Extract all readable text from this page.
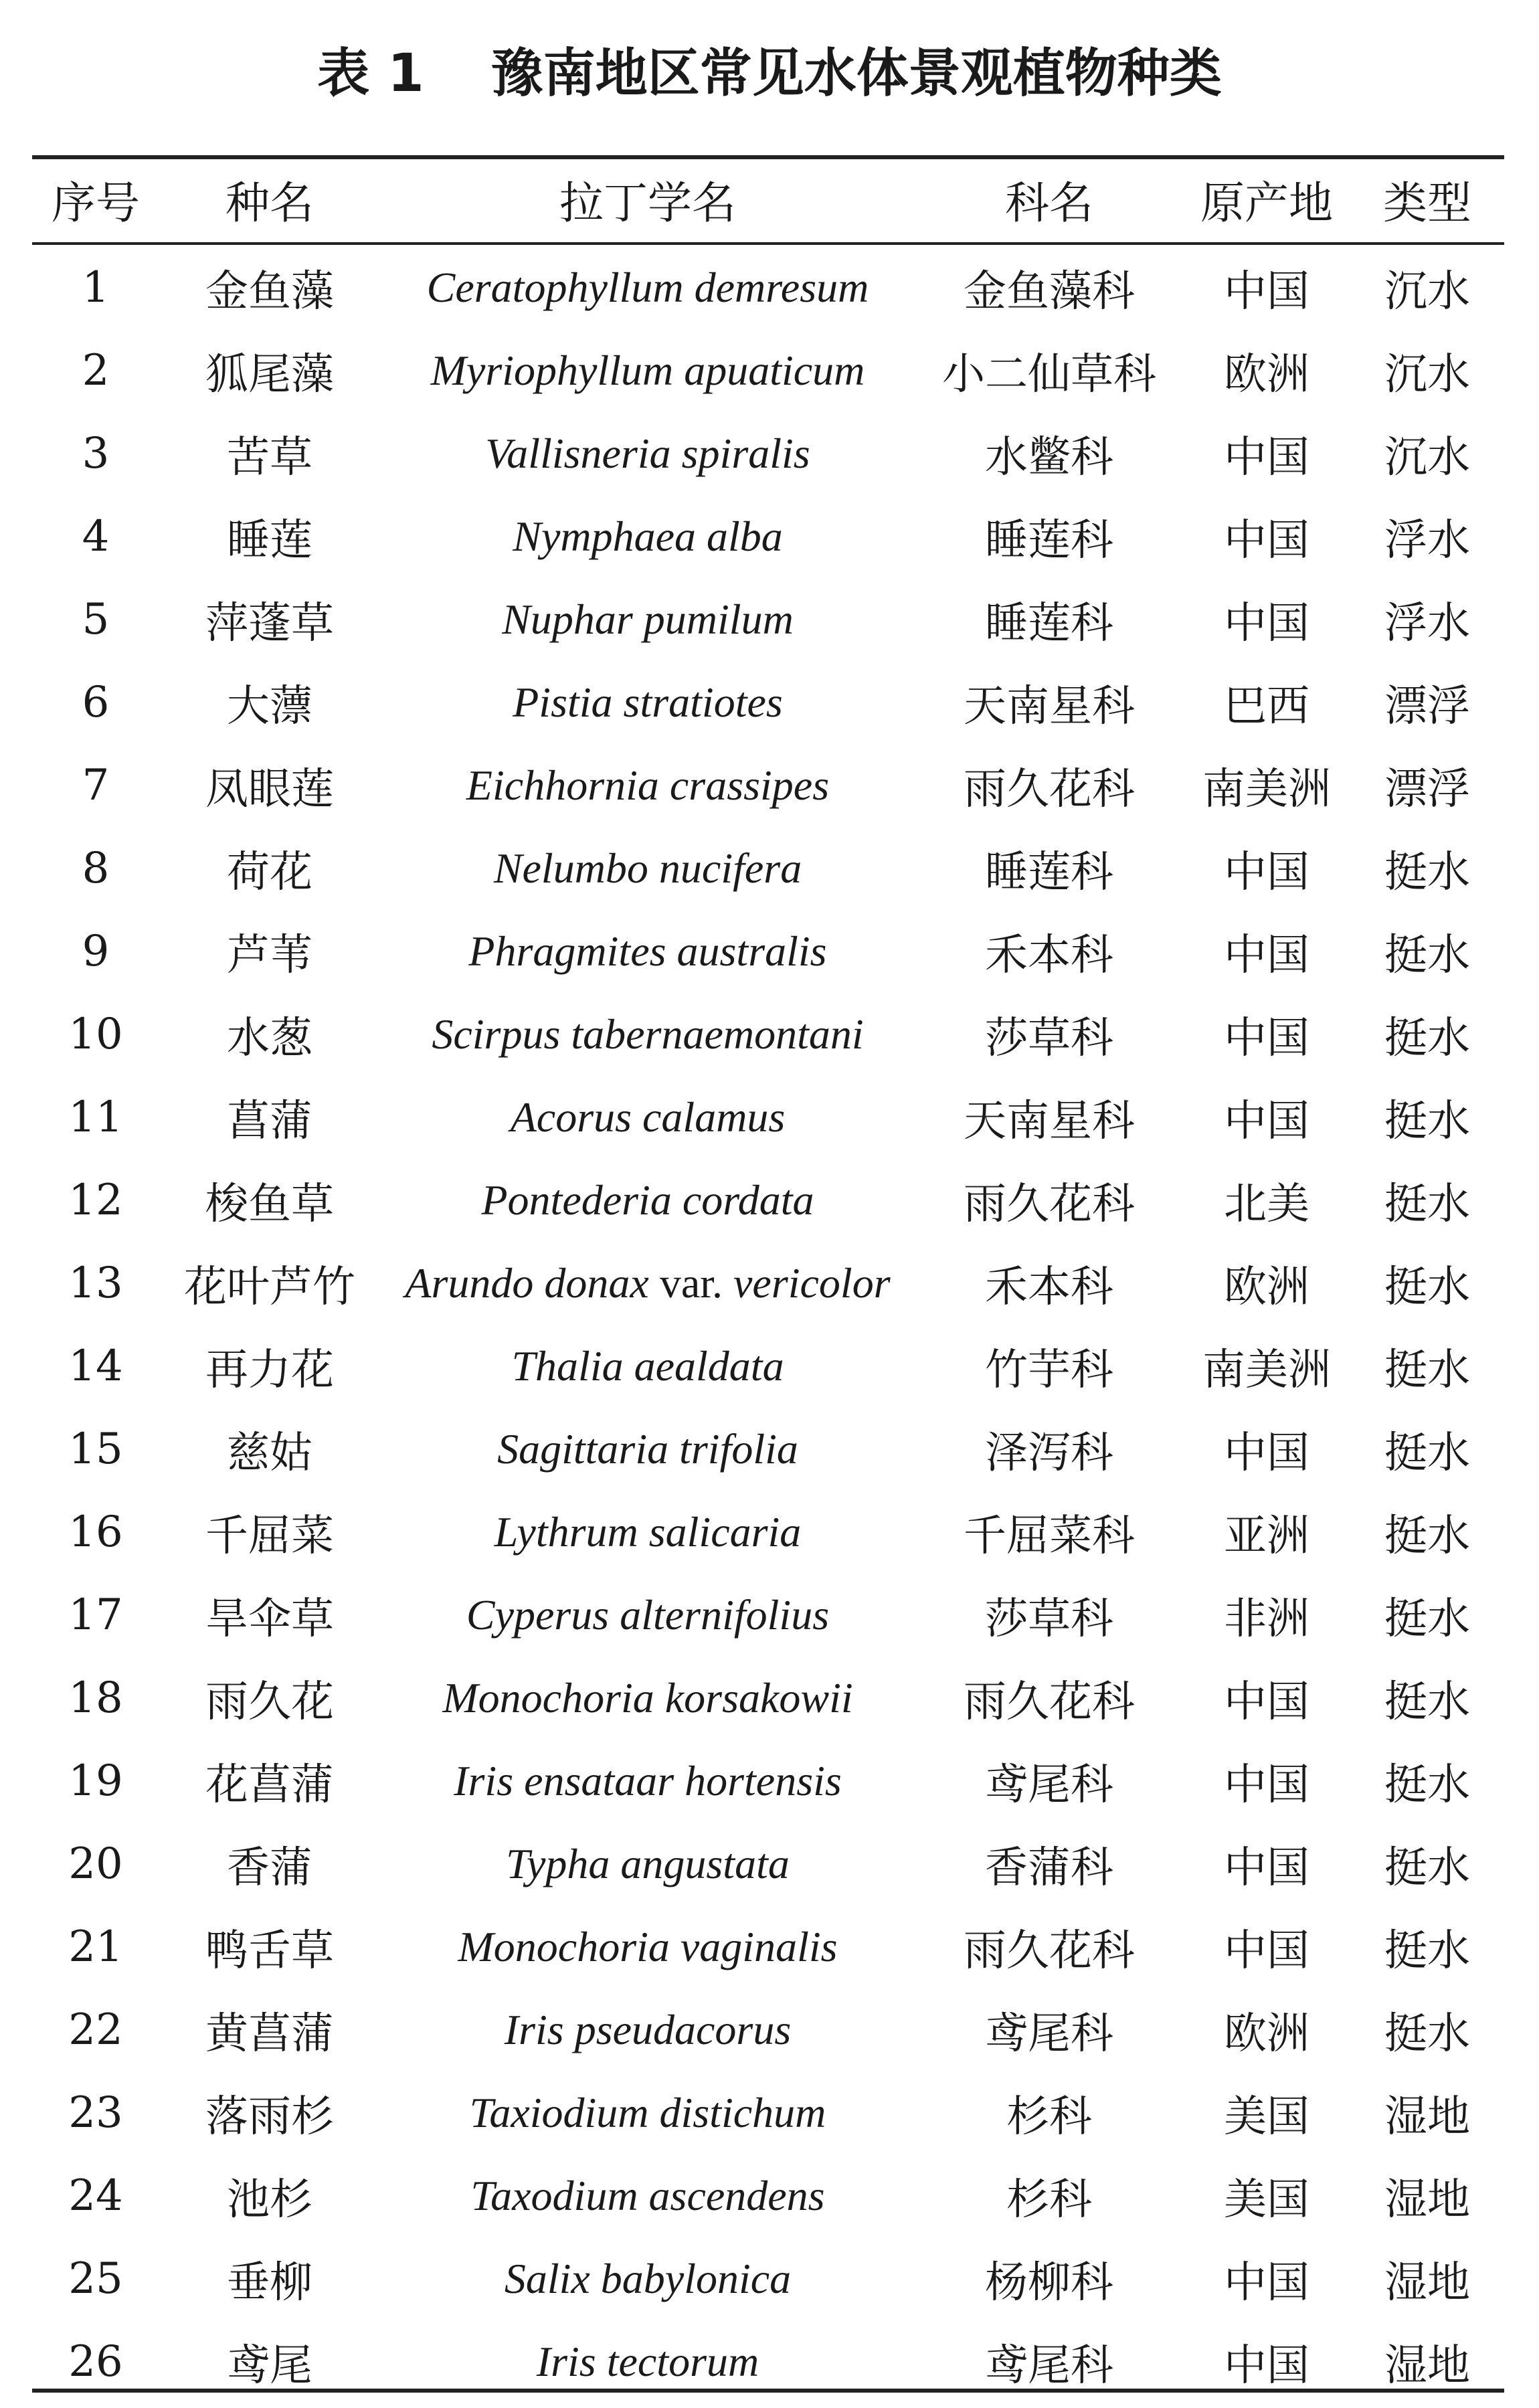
表 1 豫南地区常见水体景观植物种类
序号	种名	拉丁学名	科名	原产地	类型
1	金鱼藻	Ceratophyllum demresum	金鱼藻科	中国	沉水
2	狐尾藻	Myriophyllum apuaticum	小二仙草科	欧洲	沉水
3	苦草	Vallisneria spiralis	水鳖科	中国	沉水
4	睡莲	Nymphaea alba	睡莲科	中国	浮水
5	萍蓬草	Nuphar pumilum	睡莲科	中国	浮水
6	大薸	Pistia stratiotes	天南星科	巴西	漂浮
7	凤眼莲	Eichhornia crassipes	雨久花科	南美洲	漂浮
8	荷花	Nelumbo nucifera	睡莲科	中国	挺水
9	芦苇	Phragmites australis	禾本科	中国	挺水
10	水葱	Scirpus tabernaemontani	莎草科	中国	挺水
11	菖蒲	Acorus calamus	天南星科	中国	挺水
12	梭鱼草	Pontederia cordata	雨久花科	北美	挺水
13	花叶芦竹	Arundo donax var. vericolor	禾本科	欧洲	挺水
14	再力花	Thalia aealdata	竹芋科	南美洲	挺水
15	慈姑	Sagittaria trifolia	泽泻科	中国	挺水
16	千屈菜	Lythrum salicaria	千屈菜科	亚洲	挺水
17	旱伞草	Cyperus alternifolius	莎草科	非洲	挺水
18	雨久花	Monochoria korsakowii	雨久花科	中国	挺水
19	花菖蒲	Iris ensataar hortensis	鸢尾科	中国	挺水
20	香蒲	Typha angustata	香蒲科	中国	挺水
21	鸭舌草	Monochoria vaginalis	雨久花科	中国	挺水
22	黄菖蒲	Iris pseudacorus	鸢尾科	欧洲	挺水
23	落雨杉	Taxiodium distichum	杉科	美国	湿地
24	池杉	Taxodium ascendens	杉科	美国	湿地
25	垂柳	Salix babylonica	杨柳科	中国	湿地
26	鸢尾	Iris tectorum	鸢尾科	中国	湿地
